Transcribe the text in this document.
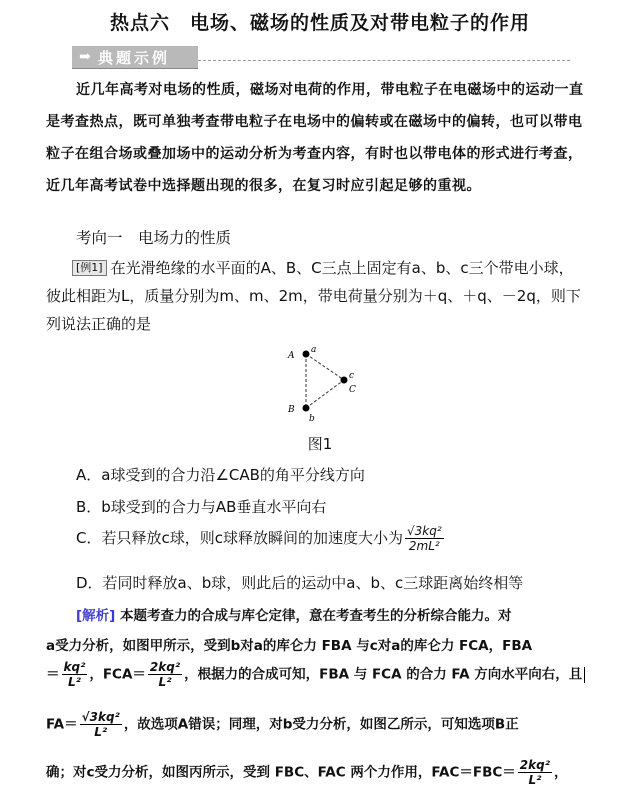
热点六　电场、磁场的性质及对带电粒子的作用
➡ 典题示例
近几年高考对电场的性质，磁场对电荷的作用，带电粒子在电磁场中的运动一直是考查热点，既可单独考查带电粒子在电场中的偏转或在磁场中的偏转，也可以带电粒子在组合场或叠加场中的运动分析为考查内容，有时也以带电体的形式进行考查，近几年高考试卷中选择题出现的很多，在复习时应引起足够的重视。
考向一　电场力的性质
[例1] 在光滑绝缘的水平面的A、B、C三点上固定有a、b、c三个带电小球，彼此相距为L，质量分别为m、m、2m，带电荷量分别为＋q、＋q、－2q，则下列说法正确的是
A
a
B
b
c
C
图1
A．a球受到的合力沿∠CAB的角平分线方向
B．b球受到的合力与AB垂直水平向右
C．若只释放c球，则c球释放瞬间的加速度大小为 $\frac{\text{√3kq²}}{\text{2mL²}}$
D．若同时释放a、b球，则此后的运动中a、b、c三球距离始终相等
[解析] 本题考查力的合成与库仑定律，意在考查考生的分析综合能力。对
a受力分析，如图甲所示，受到b对a的库仑力 FBA 与c对a的库仑力 FCA，FBA
＝ $\frac{\text{kq²}}{\text{L²}}$ ，$FCA= \frac{\text{2kq²}}{\text{L²}}$ ，根据力的合成可知，FBA 与 FCA 的合力 FA 方向水平向右，且
$FA= \frac{\text{√3kq²}}{\text{L²}}$ ，故选项A错误；同理，对b受力分析，如图乙所示，可知选项B正
确；对c受力分析，如图丙所示，受到 FBC、FAC 两个力作用，$FAC=FBC= \frac{\text{2kq²}}{\text{L²}}$ ，
